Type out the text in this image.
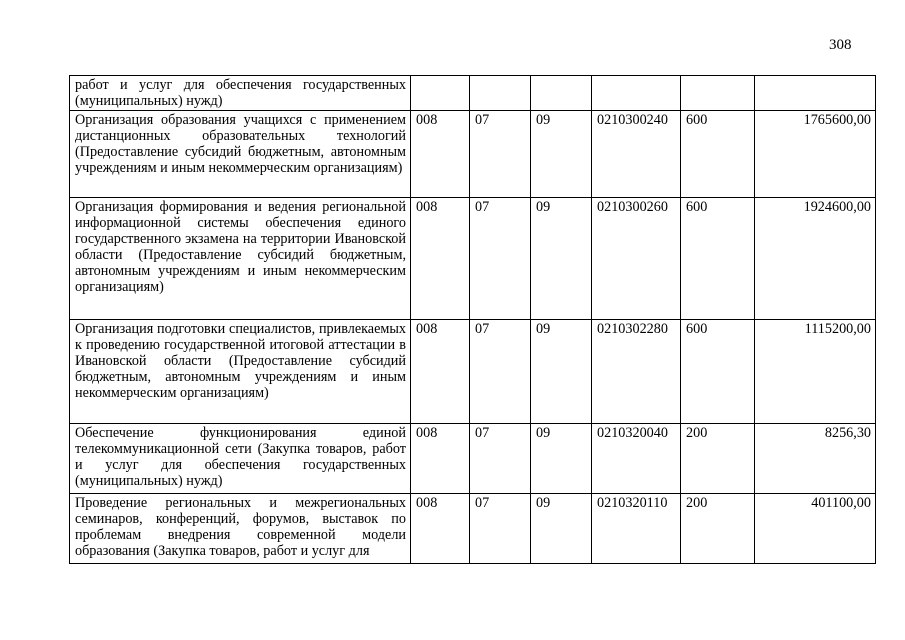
308
работ и услуг для обеспечения государственных (муниципальных) нужд)						
Организация образования учащихся с применением дистанционных образовательных технологий (Предоставление субсидий бюджетным, автономным учреждениям и иным некоммерческим организациям)	008	07	09	0210300240	600	1765600,00
Организация формирования и ведения региональной информационной системы обеспечения единого государственного экзамена на территории Ивановской области (Предоставление субсидий бюджетным, автономным учреждениям и иным некоммерческим организациям)	008	07	09	0210300260	600	1924600,00
Организация подготовки специалистов, привлекаемых к проведению государственной итоговой аттестации в Ивановской области (Предоставление субсидий бюджетным, автономным учреждениям и иным некоммерческим организациям)	008	07	09	0210302280	600	1115200,00
Обеспечение функционирования единой телекоммуникационной сети (Закупка товаров, работ и услуг для обеспечения государственных (муниципальных) нужд)	008	07	09	0210320040	200	8256,30
Проведение региональных и межрегиональных семинаров, конференций, форумов, выставок по проблемам внедрения современной модели образования (Закупка товаров, работ и услуг для	008	07	09	0210320110	200	401100,00
